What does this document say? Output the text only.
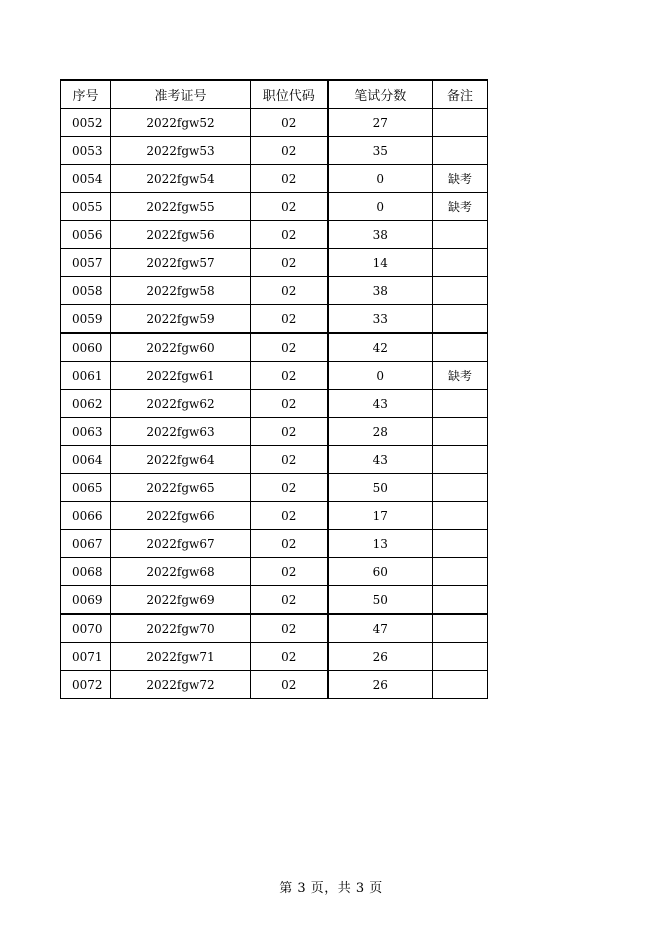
序号	准考证号	职位代码	笔试分数	备注
0052	2022fgw52	02	27	
0053	2022fgw53	02	35	
0054	2022fgw54	02	0	缺考
0055	2022fgw55	02	0	缺考
0056	2022fgw56	02	38	
0057	2022fgw57	02	14	
0058	2022fgw58	02	38	
0059	2022fgw59	02	33	
0060	2022fgw60	02	42	
0061	2022fgw61	02	0	缺考
0062	2022fgw62	02	43	
0063	2022fgw63	02	28	
0064	2022fgw64	02	43	
0065	2022fgw65	02	50	
0066	2022fgw66	02	17	
0067	2022fgw67	02	13	
0068	2022fgw68	02	60	
0069	2022fgw69	02	50	
0070	2022fgw70	02	47	
0071	2022fgw71	02	26	
0072	2022fgw72	02	26	
第 3 页，共 3 页
